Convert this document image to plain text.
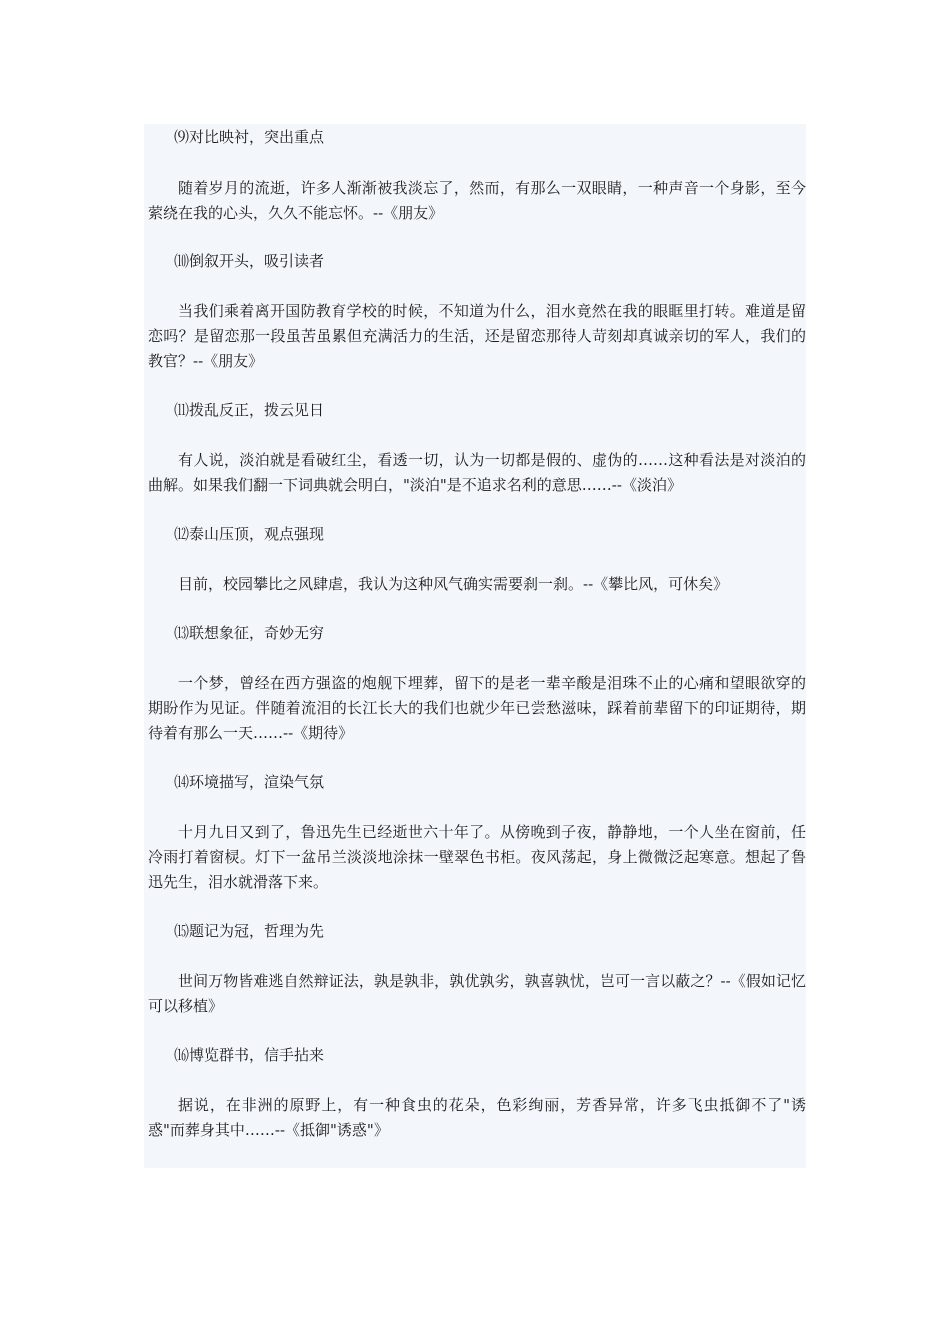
⑼对比映衬，突出重点

随着岁月的流逝，许多人渐渐被我淡忘了，然而，有那么一双眼睛，一种声音一个身影，至今萦绕在我的心头，久久不能忘怀。--《朋友》

⑽倒叙开头，吸引读者

当我们乘着离开国防教育学校的时候，不知道为什么，泪水竟然在我的眼眶里打转。难道是留恋吗？是留恋那一段虽苦虽累但充满活力的生活，还是留恋那待人苛刻却真诚亲切的军人，我们的教官？--《朋友》

⑾拨乱反正，拨云见日

有人说，淡泊就是看破红尘，看透一切，认为一切都是假的、虚伪的……这种看法是对淡泊的曲解。如果我们翻一下词典就会明白，"淡泊"是不追求名利的意思……--《淡泊》

⑿泰山压顶，观点强现

目前，校园攀比之风肆虐，我认为这种风气确实需要刹一刹。--《攀比风，可休矣》

⒀联想象征，奇妙无穷

一个梦，曾经在西方强盗的炮舰下埋葬，留下的是老一辈辛酸是泪珠不止的心痛和望眼欲穿的期盼作为见证。伴随着流泪的长江长大的我们也就少年已尝愁滋味，踩着前辈留下的印证期待，期待着有那么一天……--《期待》

⒁环境描写，渲染气氛

十月九日又到了，鲁迅先生已经逝世六十年了。从傍晚到子夜，静静地，一个人坐在窗前，任冷雨打着窗棂。灯下一盆吊兰淡淡地涂抹一壁翠色书柜。夜风荡起，身上微微泛起寒意。想起了鲁迅先生，泪水就滑落下来。

⒂题记为冠，哲理为先

世间万物皆难逃自然辩证法，孰是孰非，孰优孰劣，孰喜孰忧，岂可一言以蔽之？--《假如记忆可以移植》

⒃博览群书，信手拈来

据说，在非洲的原野上，有一种食虫的花朵，色彩绚丽，芳香异常，许多飞虫抵御不了"诱惑"而葬身其中……--《抵御"诱惑"》
